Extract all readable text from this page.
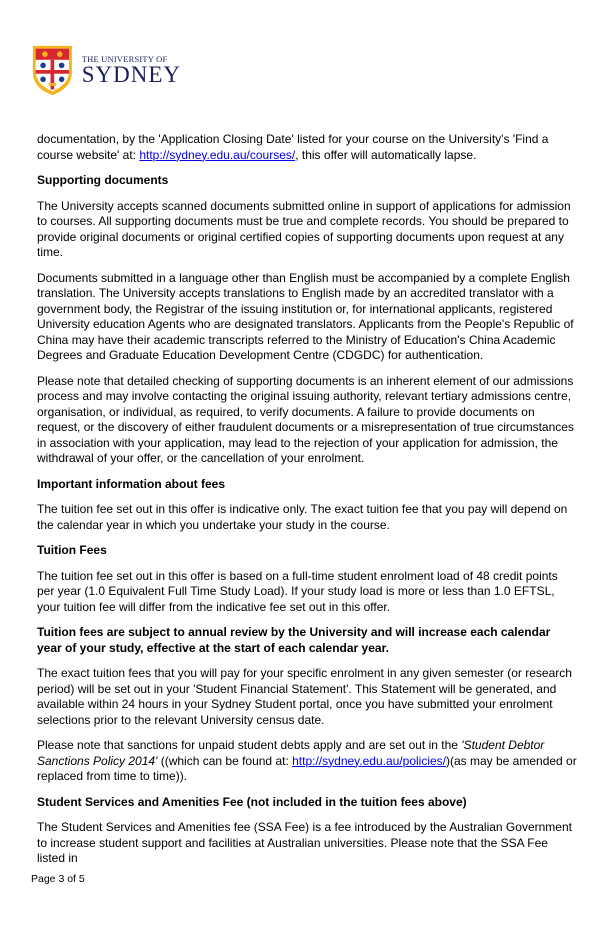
THE UNIVERSITY OF
SYDNEY

documentation, by the 'Application Closing Date' listed for your course on the University's 'Find a course website' at: http://sydney.edu.au/courses/, this offer will automatically lapse.

Supporting documents

The University accepts scanned documents submitted online in support of applications for admission to courses. All supporting documents must be true and complete records. You should be prepared to provide original documents or original certified copies of supporting documents upon request at any time.

Documents submitted in a language other than English must be accompanied by a complete English translation. The University accepts translations to English made by an accredited translator with a government body, the Registrar of the issuing institution or, for international applicants, registered University education Agents who are designated translators. Applicants from the People's Republic of China may have their academic transcripts referred to the Ministry of Education's China Academic Degrees and Graduate Education Development Centre (CDGDC) for authentication.

Please note that detailed checking of supporting documents is an inherent element of our admissions process and may involve contacting the original issuing authority, relevant tertiary admissions centre, organisation, or individual, as required, to verify documents. A failure to provide documents on request, or the discovery of either fraudulent documents or a misrepresentation of true circumstances in association with your application, may lead to the rejection of your application for admission, the withdrawal of your offer, or the cancellation of your enrolment.

Important information about fees

The tuition fee set out in this offer is indicative only. The exact tuition fee that you pay will depend on the calendar year in which you undertake your study in the course.

Tuition Fees

The tuition fee set out in this offer is based on a full-time student enrolment load of 48 credit points per year (1.0 Equivalent Full Time Study Load). If your study load is more or less than 1.0 EFTSL, your tuition fee will differ from the indicative fee set out in this offer.

Tuition fees are subject to annual review by the University and will increase each calendar year of your study, effective at the start of each calendar year.

The exact tuition fees that you will pay for your specific enrolment in any given semester (or research period) will be set out in your 'Student Financial Statement'. This Statement will be generated, and available within 24 hours in your Sydney Student portal, once you have submitted your enrolment selections prior to the relevant University census date.

Please note that sanctions for unpaid student debts apply and are set out in the 'Student Debtor Sanctions Policy 2014' ((which can be found at: http://sydney.edu.au/policies/)(as may be amended or replaced from time to time)).

Student Services and Amenities Fee (not included in the tuition fees above)

The Student Services and Amenities fee (SSA Fee) is a fee introduced by the Australian Government to increase student support and facilities at Australian universities. Please note that the SSA Fee listed in

Page 3 of 5
